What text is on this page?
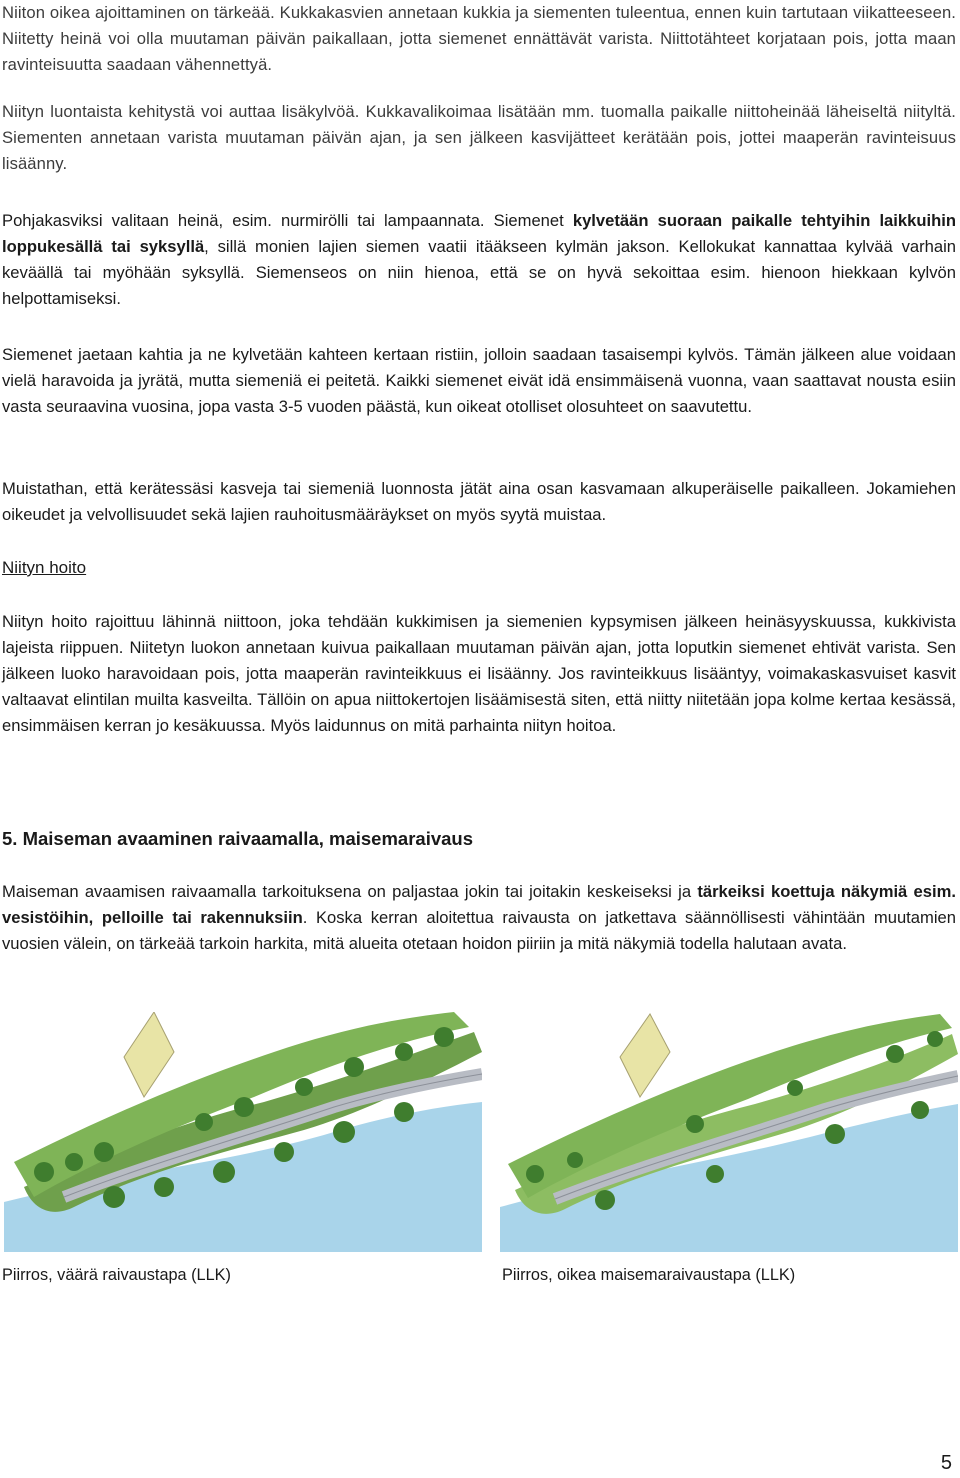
Niiton oikea ajoittaminen on tärkeää. Kukkakasvien annetaan kukkia ja siementen tuleentua, ennen kuin tartutaan viikatteeseen. Niitetty heinä voi olla muutaman päivän paikallaan, jotta siemenet ennättävät varista. Niittotähteet korjataan pois, jotta maan ravinteisuutta saadaan vähennettyä.

Niityn luontaista kehitystä voi auttaa lisäkylvöä. Kukkavalikoimaa lisätään mm. tuomalla paikalle niittoheinää läheiseltä niityltä. Siementen annetaan varista muutaman päivän ajan, ja sen jälkeen kasvijätteet kerätään pois, jottei maaperän ravinteisuus lisäänny.

Pohjakasviksi valitaan heinä, esim. nurmirölli tai lampaannata. Siemenet kylvetään suoraan paikalle tehtyihin laikkuihin loppukesällä tai syksyllä, sillä monien lajien siemen vaatii itääkseen kylmän jakson. Kellokukat kannattaa kylvää varhain keväällä tai myöhään syksyllä. Siemenseos on niin hienoa, että se on hyvä sekoittaa esim. hienoon hiekkaan kylvön helpottamiseksi.

Siemenet jaetaan kahtia ja ne kylvetään kahteen kertaan ristiin, jolloin saadaan tasaisempi kylvös. Tämän jälkeen alue voidaan vielä haravoida ja jyrätä, mutta siemeniä ei peitetä. Kaikki siemenet eivät idä ensimmäisenä vuonna, vaan saattavat nousta esiin vasta seuraavina vuosina, jopa vasta 3-5 vuoden päästä, kun oikeat otolliset olosuhteet on saavutettu.

Muistathan, että kerätessäsi kasveja tai siemeniä luonnosta jätät aina osan kasvamaan alkuperäiselle paikalleen. Jokamiehen oikeudet ja velvollisuudet sekä lajien rauhoitusmääräykset on myös syytä muistaa.

Niityn hoito

Niityn hoito rajoittuu lähinnä niittoon, joka tehdään kukkimisen ja siemenien kypsymisen jälkeen heinäsyyskuussa, kukkivista lajeista riippuen. Niitetyn luokon annetaan kuivua paikallaan muutaman päivän ajan, jotta loputkin siemenet ehtivät varista. Sen jälkeen luoko haravoidaan pois, jotta maaperän ravinteikkuus ei lisäänny. Jos ravinteikkuus lisääntyy, voimakaskasvuiset kasvit valtaavat elintilan muilta kasveilta. Tällöin on apua niittokertojen lisäämisestä siten, että niitty niitetään jopa kolme kertaa kesässä, ensimmäisen kerran jo kesäkuussa. Myös laidunnus on mitä parhainta niityn hoitoa.

5. Maiseman avaaminen raivaamalla, maisemaraivaus

Maiseman avaamisen raivaamalla tarkoituksena on paljastaa jokin tai joitakin keskeiseksi ja tärkeiksi koettuja näkymiä esim. vesistöihin, pelloille tai rakennuksiin. Koska kerran aloitettua raivausta on jatkettava säännöllisesti vähintään muutamien vuosien välein, on tärkeää tarkoin harkita, mitä alueita otetaan hoidon piiriin ja mitä näkymiä todella halutaan avata.

Piirros, väärä raivaustapa (LLK)	Piirros, oikea maisemaraivaustapa (LLK)
5
